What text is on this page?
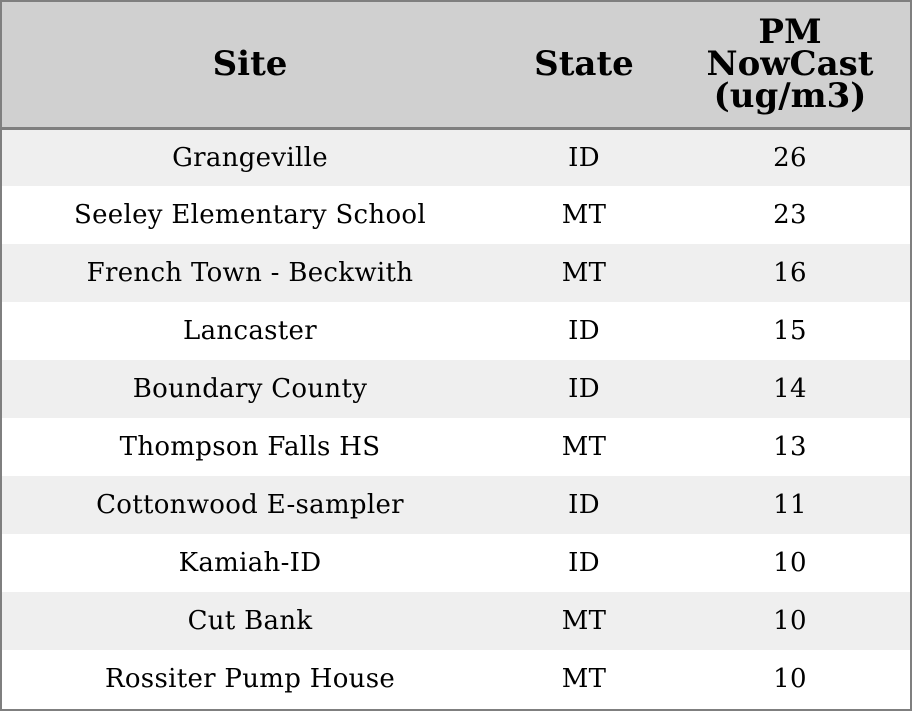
Site	State	PM
NowCast
(ug/m3)

Grangeville	ID	26
Seeley Elementary School	MT	23
French Town - Beckwith	MT	16
Lancaster	ID	15
Boundary County	ID	14
Thompson Falls HS	MT	13
Cottonwood E-sampler	ID	11
Kamiah-ID	ID	10
Cut Bank	MT	10
Rossiter Pump House	MT	10
